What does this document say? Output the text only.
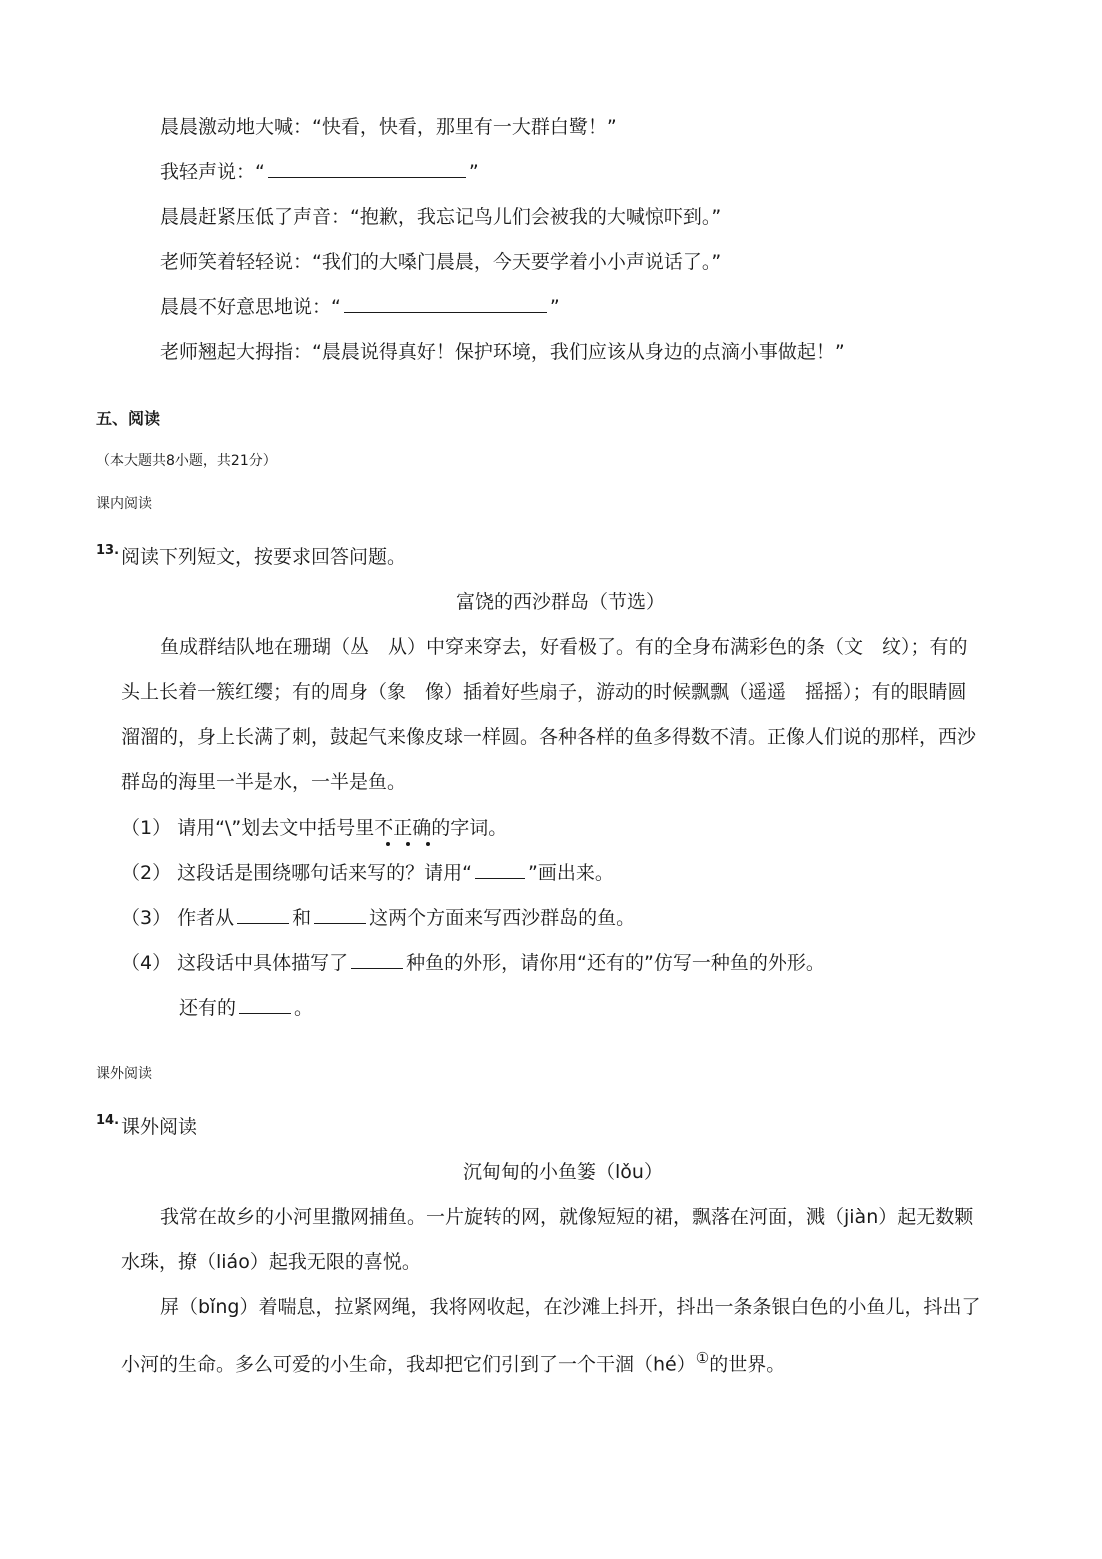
晨晨激动地大喊：“快看，快看，那里有一大群白鹭！”
我轻声说：“	”
晨晨赶紧压低了声音：“抱歉，我忘记鸟儿们会被我的大喊惊吓到。”
老师笑着轻轻说：“我们的大嗓门晨晨，今天要学着小小声说话了。”
晨晨不好意思地说：“	”
老师翘起大拇指：“晨晨说得真好！保护环境，我们应该从身边的点滴小事做起！”
五、阅读
（本大题共8小题，共21分）
课内阅读
13. 阅读下列短文，按要求回答问题。
富饶的西沙群岛（节选）
鱼成群结队地在珊瑚（丛　从）中穿来穿去，好看极了。有的全身布满彩色的条（文　纹）；有的
头上长着一簇红缨；有的周身（象　像）插着好些扇子，游动的时候飘飘（遥遥　摇摇）；有的眼睛圆
溜溜的，身上长满了刺，鼓起气来像皮球一样圆。各种各样的鱼多得数不清。正像人们说的那样，西沙
群岛的海里一半是水，一半是鱼。
（1） 请用“\”划去文中括号里不正确的字词。
（2） 这段话是围绕哪句话来写的？请用“	”画出来。
（3） 作者从	和	这两个方面来写西沙群岛的鱼。
（4） 这段话中具体描写了	种鱼的外形，请你用“还有的”仿写一种鱼的外形。
还有的	。
课外阅读
14. 课外阅读
沉甸甸的小鱼篓（lǒu）
我常在故乡的小河里撒网捕鱼。一片旋转的网，就像短短的裙，飘落在河面，溅（jiàn）起无数颗
水珠，撩（liáo）起我无限的喜悦。
屏（bǐng）着喘息，拉紧网绳，我将网收起，在沙滩上抖开，抖出一条条银白色的小鱼儿，抖出了
小河的生命。多么可爱的小生命，我却把它们引到了一个干涸（hé）①的世界。
